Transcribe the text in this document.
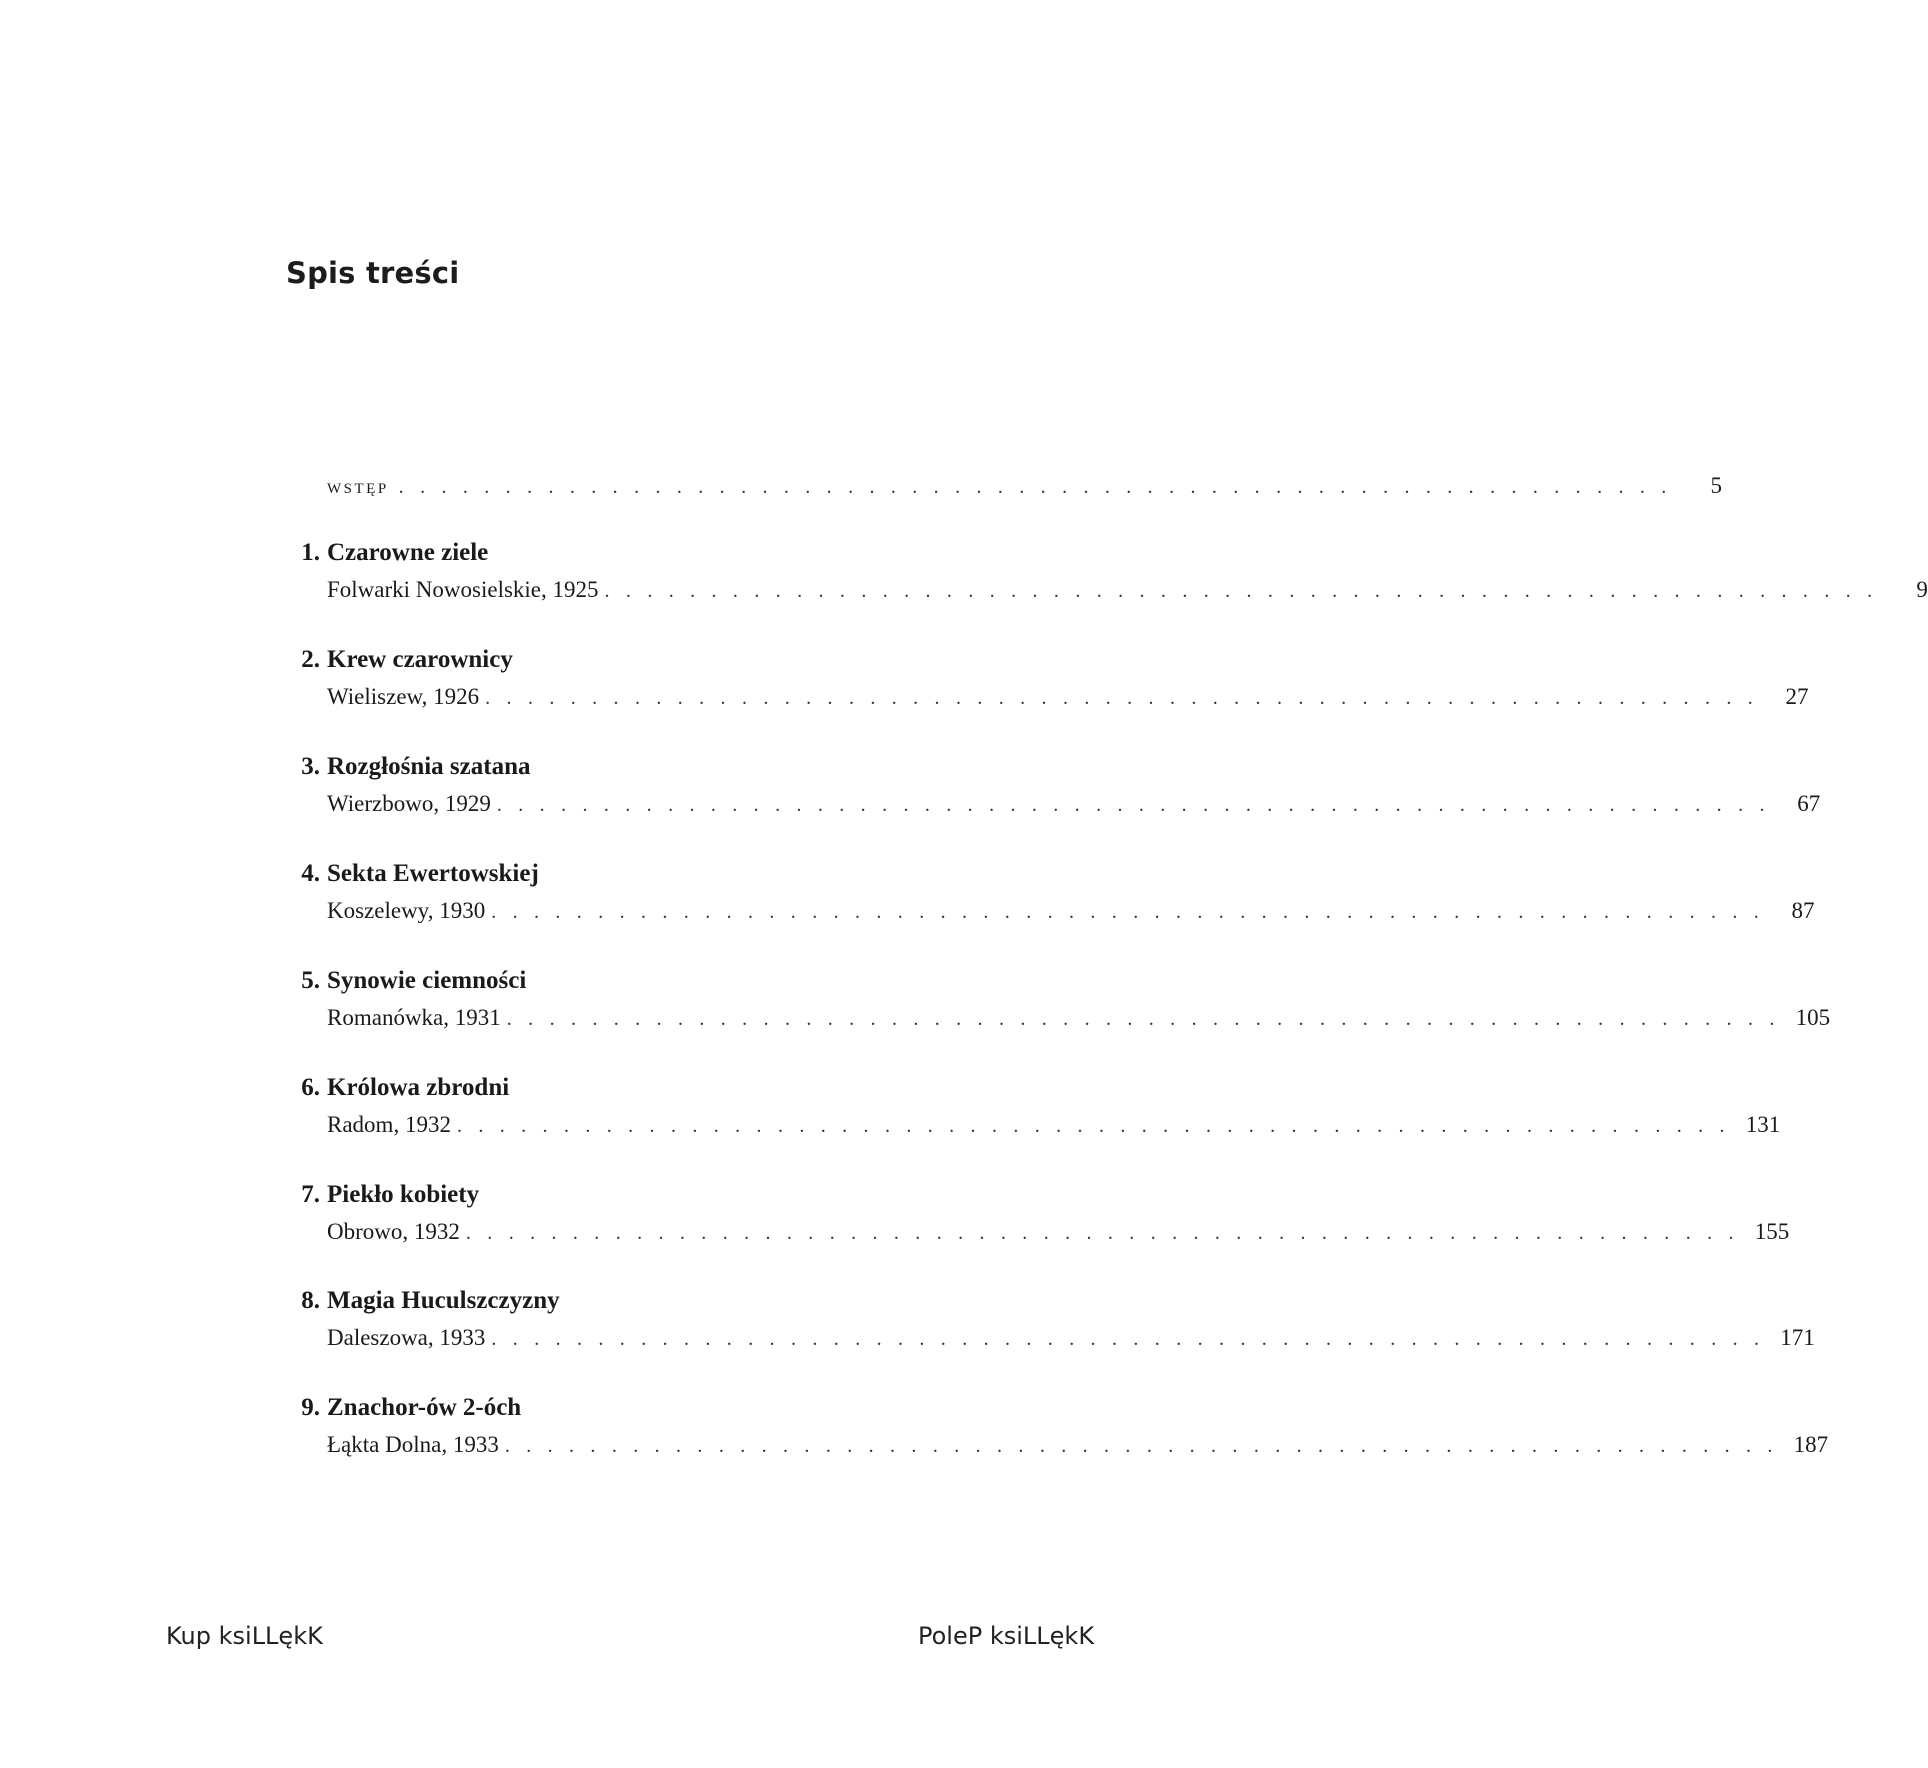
Spis treści
wstęp . . . . . . . . . . . . . . . . . . . . . . . . . . . . . . . . . . . . . . . . . . . . . . . . . . . . . . . . . . . .	5
1. Czarowne ziele
Folwarki Nowosielskie, 1925 . . . . . . . . . . . . . . . . . . . . . . . . . . . . . . . . . . . . . . . . . . . . . . . . . . . . . . . . . . . .	9
2. Krew czarownicy
Wieliszew, 1926 . . . . . . . . . . . . . . . . . . . . . . . . . . . . . . . . . . . . . . . . . . . . . . . . . . . . . . . . . . . .	27
3. Rozgłośnia szatana
Wierzbowo, 1929 . . . . . . . . . . . . . . . . . . . . . . . . . . . . . . . . . . . . . . . . . . . . . . . . . . . . . . . . . . . .	67
4. Sekta Ewertowskiej
Koszelewy, 1930 . . . . . . . . . . . . . . . . . . . . . . . . . . . . . . . . . . . . . . . . . . . . . . . . . . . . . . . . . . . .	87
5. Synowie ciemności
Romanówka, 1931 . . . . . . . . . . . . . . . . . . . . . . . . . . . . . . . . . . . . . . . . . . . . . . . . . . . . . . . . . . . . 105
6. Królowa zbrodni
Radom, 1932 . . . . . . . . . . . . . . . . . . . . . . . . . . . . . . . . . . . . . . . . . . . . . . . . . . . . . . . . . . . . 131
7. Piekło kobiety
Obrowo, 1932 . . . . . . . . . . . . . . . . . . . . . . . . . . . . . . . . . . . . . . . . . . . . . . . . . . . . . . . . . . . . 155
8. Magia Huculszczyzny
Daleszowa, 1933 . . . . . . . . . . . . . . . . . . . . . . . . . . . . . . . . . . . . . . . . . . . . . . . . . . . . . . . . . . . . 171
9. Znachor-ów 2-óch
Łąkta Dolna, 1933 . . . . . . . . . . . . . . . . . . . . . . . . . . . . . . . . . . . . . . . . . . . . . . . . . . . . . . . . . . . . 187
Kup ksiLLęk​K	PoleP ksiLLęk​K
